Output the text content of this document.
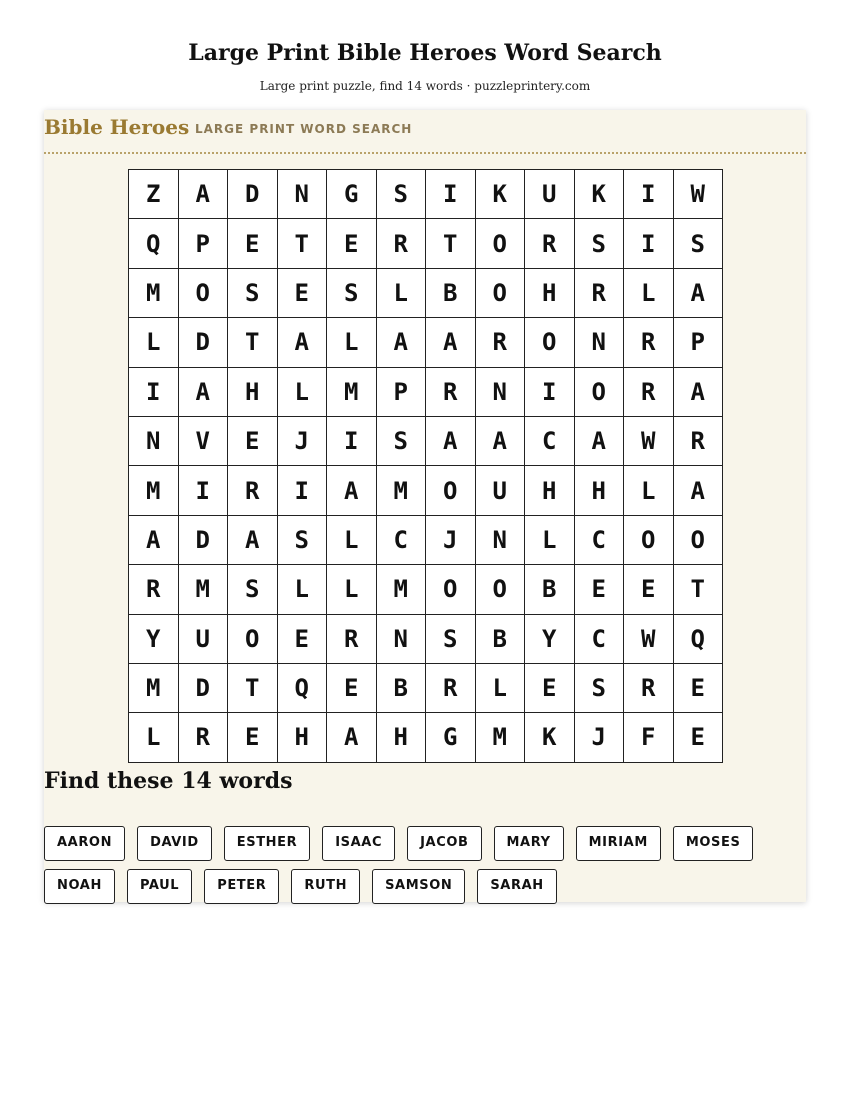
Large Print Bible Heroes Word Search
Large print puzzle, find 14 words · puzzleprintery.com
Bible Heroes LARGE PRINT WORD SEARCH
Z	A	D	N	G	S	I	K	U	K	I	W
Q	P	E	T	E	R	T	O	R	S	I	S
M	O	S	E	S	L	B	O	H	R	L	A
L	D	T	A	L	A	A	R	O	N	R	P
I	A	H	L	M	P	R	N	I	O	R	A
N	V	E	J	I	S	A	A	C	A	W	R
M	I	R	I	A	M	O	U	H	H	L	A
A	D	A	S	L	C	J	N	L	C	O	O
R	M	S	L	L	M	O	O	B	E	E	T
Y	U	O	E	R	N	S	B	Y	C	W	Q
M	D	T	Q	E	B	R	L	E	S	R	E
L	R	E	H	A	H	G	M	K	J	F	E
Find these 14 words
AARON	DAVID	ESTHER	ISAAC	JACOB	MARY	MIRIAM	MOSES
NOAH	PAUL	PETER	RUTH	SAMSON	SARAH
